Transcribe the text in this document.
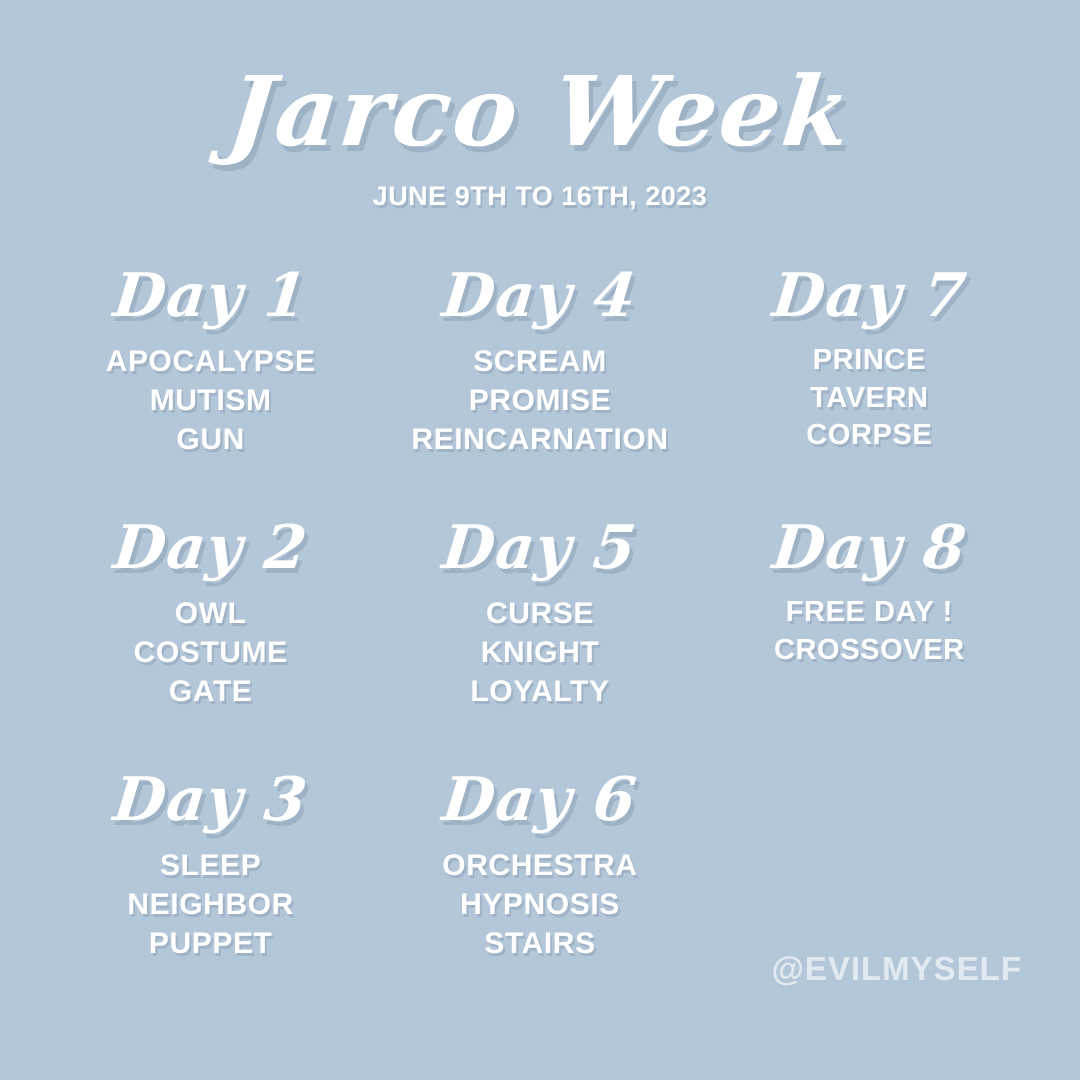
Jarco Week
JUNE 9TH TO 16TH, 2023
Day 1
APOCALYPSE
MUTISM
GUN
Day 4
SCREAM
PROMISE
REINCARNATION
Day 7
PRINCE
TAVERN
CORPSE
Day 2
OWL
COSTUME
GATE
Day 5
CURSE
KNIGHT
LOYALTY
Day 8
FREE DAY !
CROSSOVER
Day 3
SLEEP
NEIGHBOR
PUPPET
Day 6
ORCHESTRA
HYPNOSIS
STAIRS
@EVILMYSELF
